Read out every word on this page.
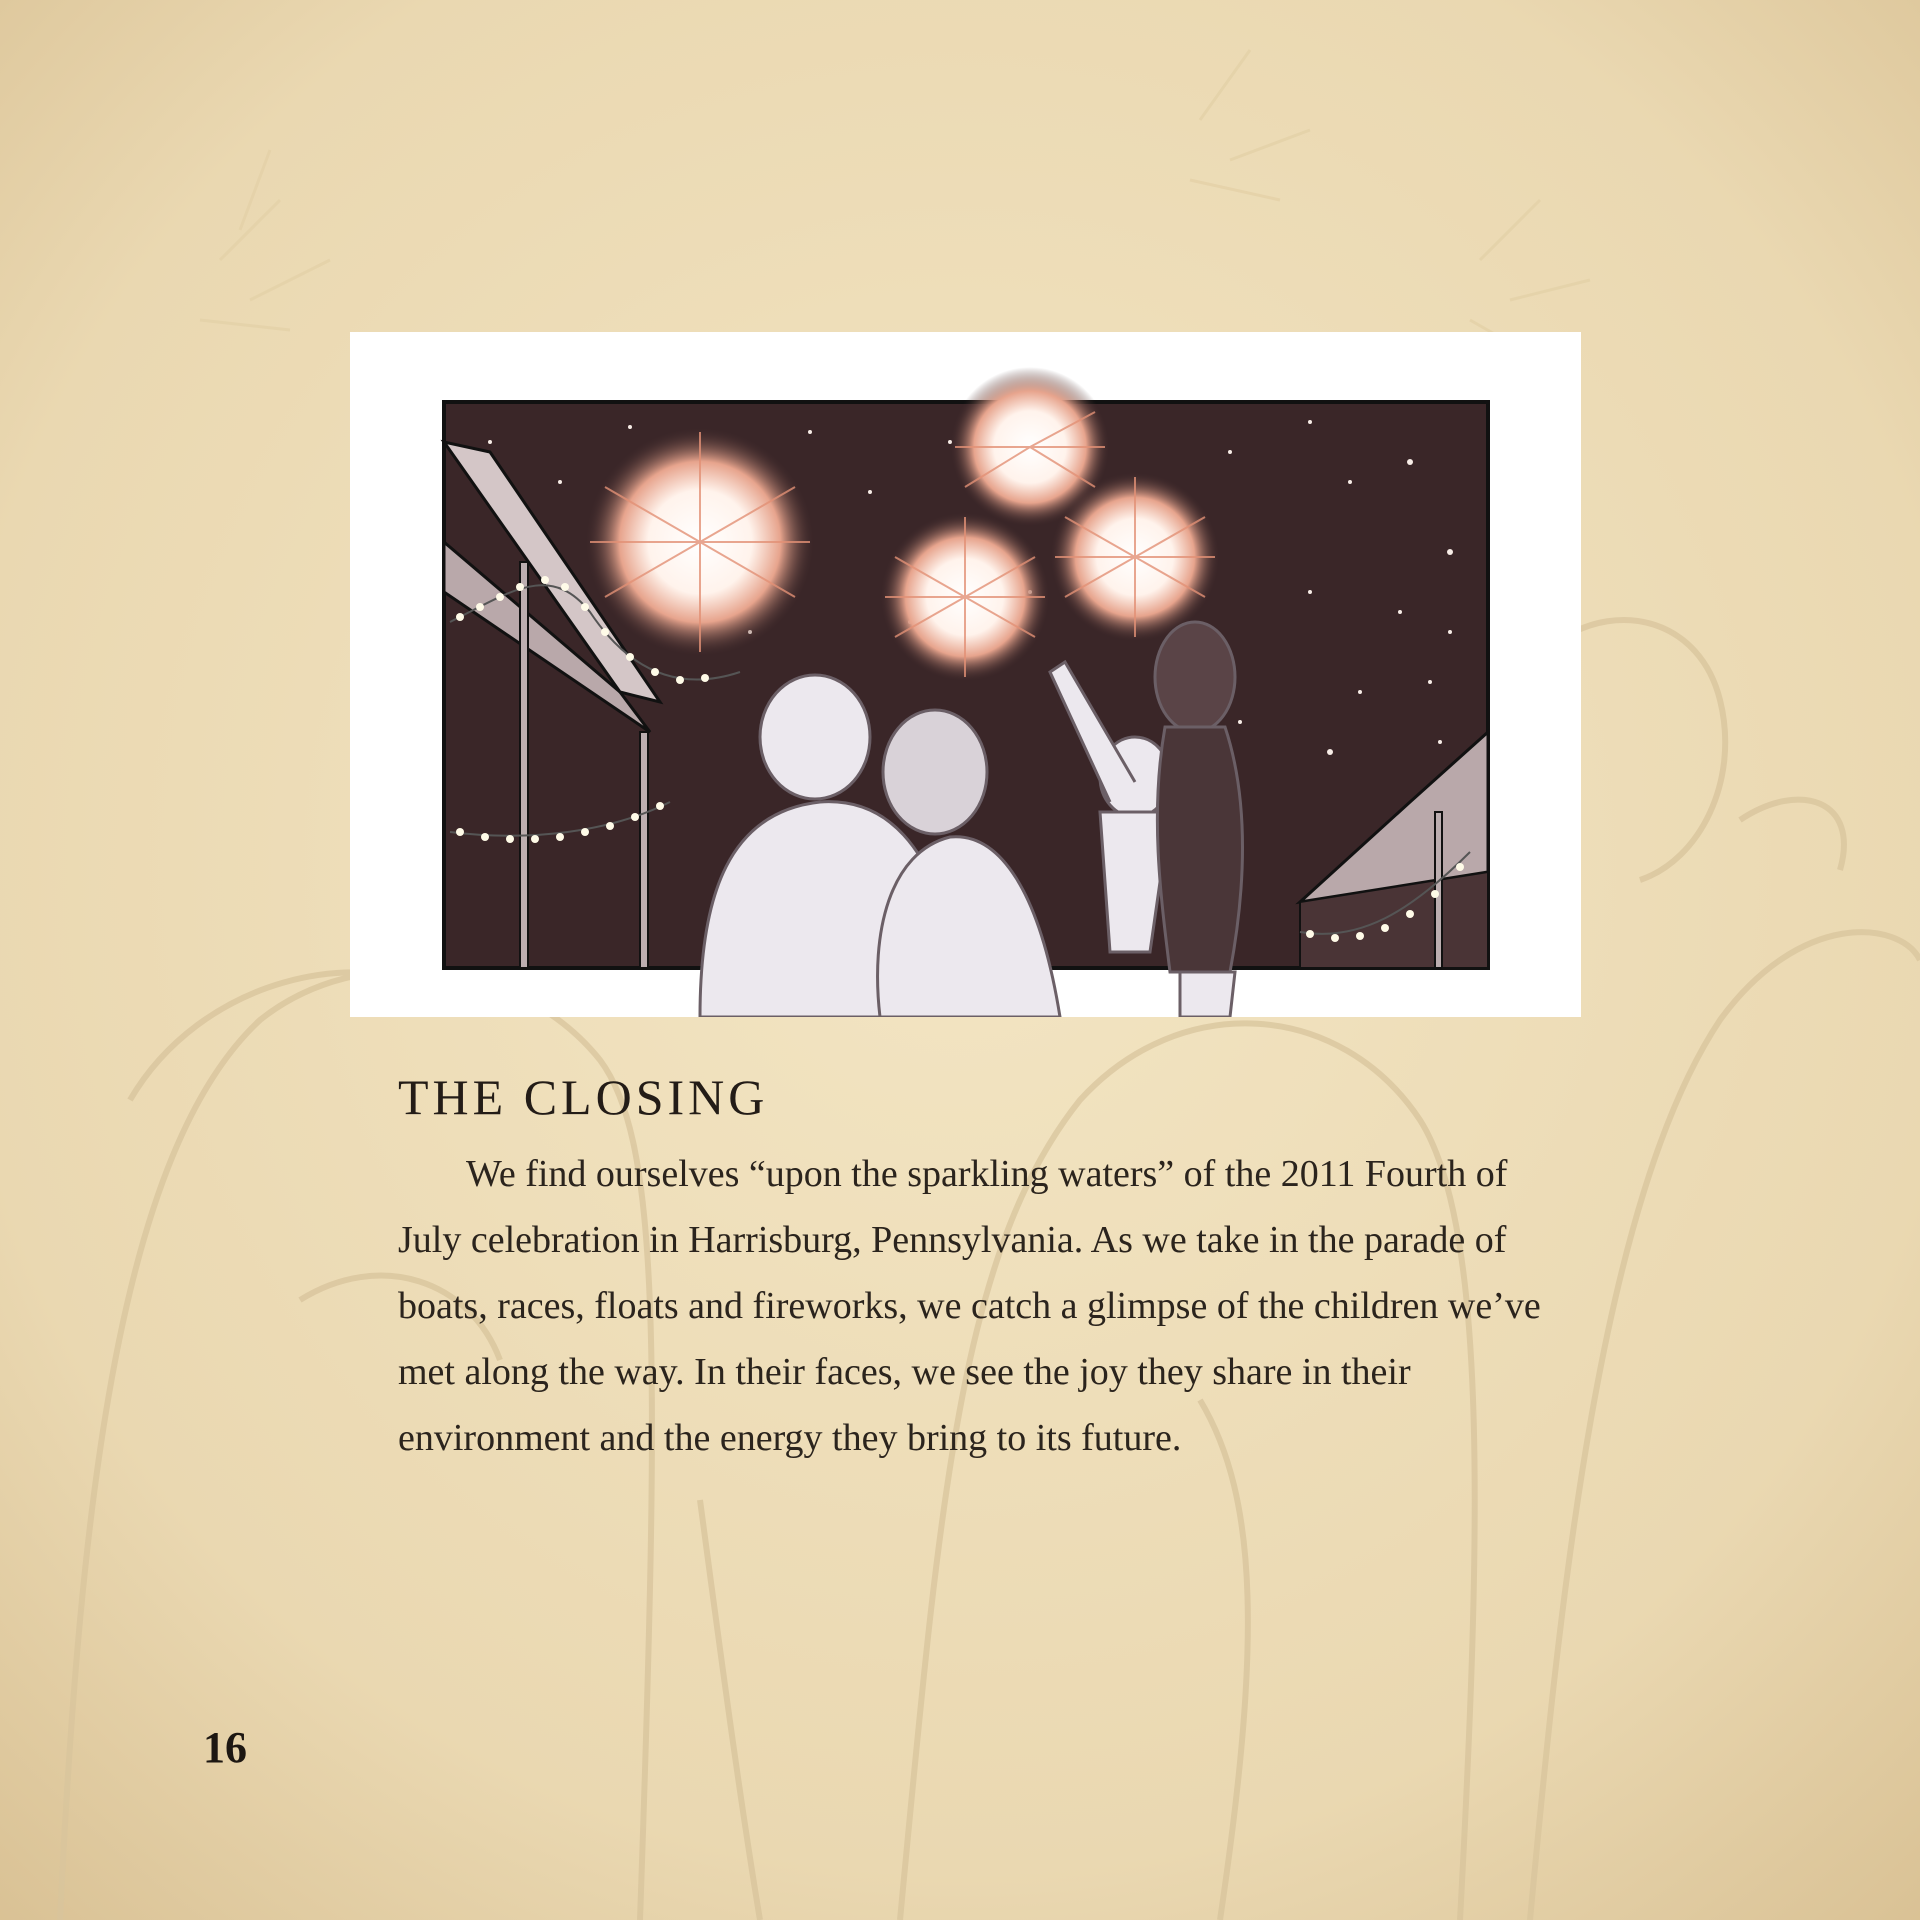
THE CLOSING

We find ourselves “upon the sparkling waters” of the 2011 Fourth of July celebration in Harrisburg, Pennsylvania. As we take in the parade of boats, races, floats and fireworks, we catch a glimpse of the children we’ve met along the way. In their faces, we see the joy they share in their environment and the energy they bring to its future.

16
